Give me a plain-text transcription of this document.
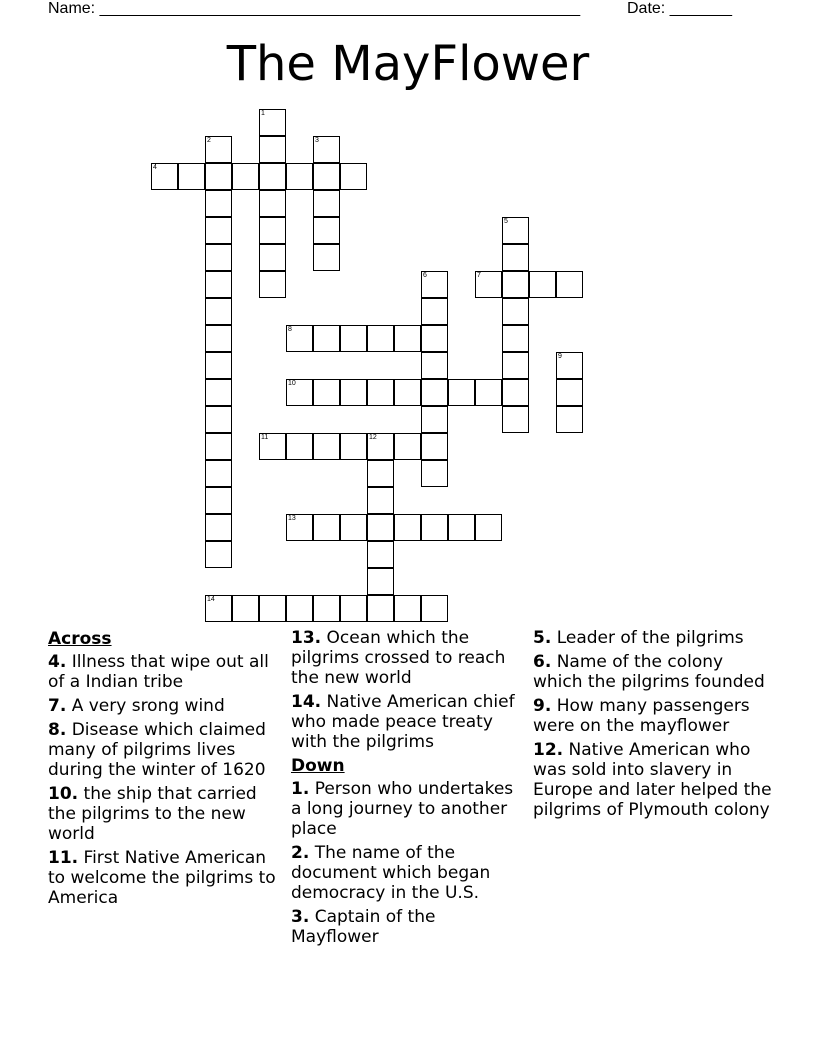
Name: ______________________________________________________	Date: _______
The MayFlower
1
2	3
4
5
6	7
8
9
10
11	12
13
14
Across
4. Illness that wipe out all of a Indian tribe
7. A very srong wind
8. Disease which claimed many of pilgrims lives during the winter of 1620
10. the ship that carried the pilgrims to the new world
11. First Native American to welcome the pilgrims to America
13. Ocean which the pilgrims crossed to reach the new world
14. Native American chief who made peace treaty with the pilgrims
Down
1. Person who undertakes a long journey to another place
2. The name of the document which began democracy in the U.S.
3. Captain of the Mayflower
5. Leader of the pilgrims
6. Name of the colony which the pilgrims founded
9. How many passengers were on the mayflower
12. Native American who was sold into slavery in Europe and later helped the pilgrims of Plymouth colony
